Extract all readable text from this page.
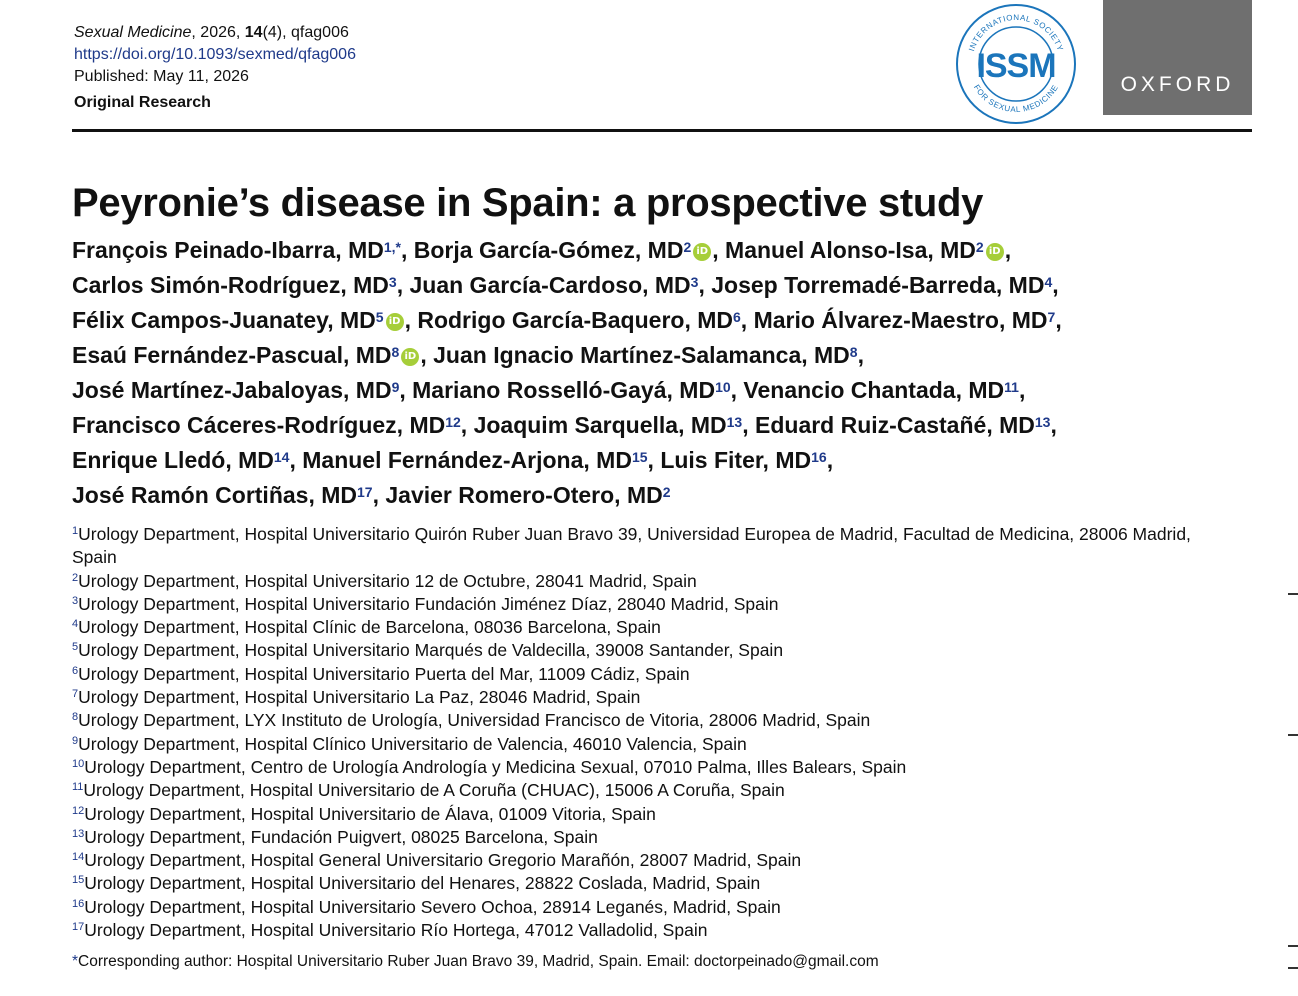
Sexual Medicine, 2026, 14(4), qfag006
https://doi.org/10.1093/sexmed/qfag006
Published: May 11, 2026
Original Research
INTERNATIONAL SOCIETY
FOR SEXUAL MEDICINE
ISSM	OXFORD
Peyronie’s disease in Spain: a prospective study
François Peinado-Ibarra, $MD^{1,*}$, Borja García-Gómez, $MD^2$ iD , Manuel Alonso-Isa, $MD^2$ iD ,
Carlos Simón-Rodríguez, $MD^3$, Juan García-Cardoso, $MD^3$, Josep Torremadé-Barreda, $MD^4$,
Félix Campos-Juanatey, $MD^5$ iD , Rodrigo García-Baquero, $MD^6$, Mario Álvarez-Maestro, $MD^7$,
Esaú Fernández-Pascual, $MD^8$ iD , Juan Ignacio Martínez-Salamanca, $MD^8$,
José Martínez-Jabaloyas, $MD^9$, Mariano Rosselló-Gayá, MD$^{10}$, Venancio Chantada, MD$^{11}$,
Francisco Cáceres-Rodríguez, MD$^{12}$, Joaquim Sarquella, MD$^{13}$, Eduard Ruiz-Castañé, MD$^{13}$,
Enrique Lledó, MD$^{14}$, Manuel Fernández-Arjona, MD$^{15}$, Luis Fiter, MD$^{16}$,
José Ramón Cortiñas, MD$^{17}$, Javier Romero-Otero, $MD^2$
$^1$Urology Department, Hospital Universitario Quirón Ruber Juan Bravo 39, Universidad Europea de Madrid, Facultad de Medicina, 28006 Madrid, Spain
$^2$Urology Department, Hospital Universitario 12 de Octubre, 28041 Madrid, Spain
$^3$Urology Department, Hospital Universitario Fundación Jiménez Díaz, 28040 Madrid, Spain
$^4$Urology Department, Hospital Clínic de Barcelona, 08036 Barcelona, Spain
$^5$Urology Department, Hospital Universitario Marqués de Valdecilla, 39008 Santander, Spain
$^6$Urology Department, Hospital Universitario Puerta del Mar, 11009 Cádiz, Spain
$^7$Urology Department, Hospital Universitario La Paz, 28046 Madrid, Spain
$^8$Urology Department, LYX Instituto de Urología, Universidad Francisco de Vitoria, 28006 Madrid, Spain
$^9$Urology Department, Hospital Clínico Universitario de Valencia, 46010 Valencia, Spain
$^{10}$Urology Department, Centro de Urología Andrología y Medicina Sexual, 07010 Palma, Illes Balears, Spain
$^{11}$Urology Department, Hospital Universitario de A Coruña (CHUAC), 15006 A Coruña, Spain
$^{12}$Urology Department, Hospital Universitario de Álava, 01009 Vitoria, Spain
$^{13}$Urology Department, Fundación Puigvert, 08025 Barcelona, Spain
$^{14}$Urology Department, Hospital General Universitario Gregorio Marañón, 28007 Madrid, Spain
$^{15}$Urology Department, Hospital Universitario del Henares, 28822 Coslada, Madrid, Spain
$^{16}$Urology Department, Hospital Universitario Severo Ochoa, 28914 Leganés, Madrid, Spain
$^{17}$Urology Department, Hospital Universitario Río Hortega, 47012 Valladolid, Spain
*Corresponding author: Hospital Universitario Ruber Juan Bravo 39, Madrid, Spain. Email: doctorpeinado@gmail.com
